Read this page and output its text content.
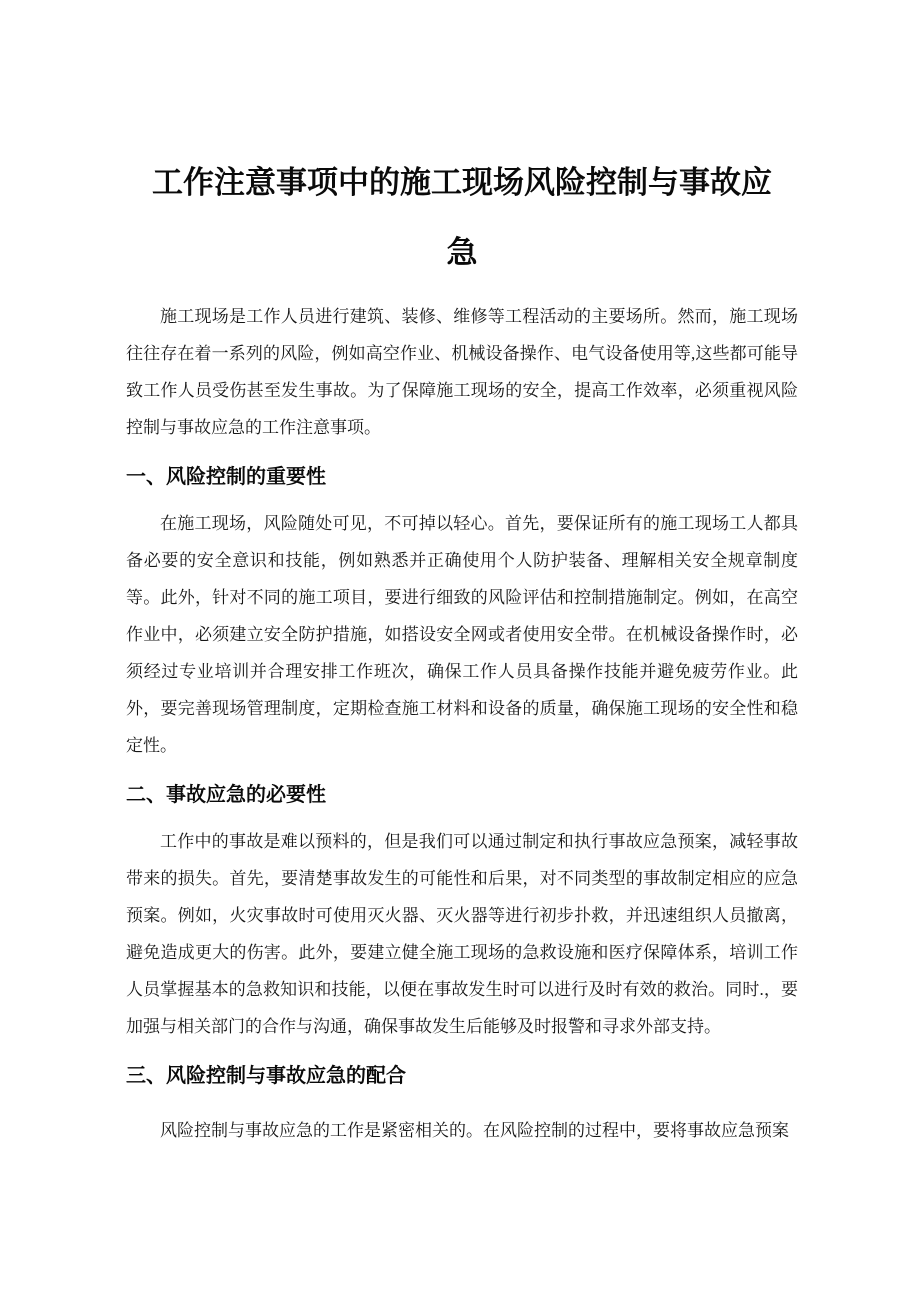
工作注意事项中的施工现场风险控制与事故应急

施工现场是工作人员进行建筑、装修、维修等工程活动的主要场所。然而，施工现场往往存在着一系列的风险，例如高空作业、机械设备操作、电气设备使用等,这些都可能导致工作人员受伤甚至发生事故。为了保障施工现场的安全，提高工作效率，必须重视风险控制与事故应急的工作注意事项。

一、风险控制的重要性

在施工现场，风险随处可见，不可掉以轻心。首先，要保证所有的施工现场工人都具备必要的安全意识和技能，例如熟悉并正确使用个人防护装备、理解相关安全规章制度等。此外，针对不同的施工项目，要进行细致的风险评估和控制措施制定。例如，在高空作业中，必须建立安全防护措施，如搭设安全网或者使用安全带。在机械设备操作时，必须经过专业培训并合理安排工作班次，确保工作人员具备操作技能并避免疲劳作业。此外，要完善现场管理制度，定期检查施工材料和设备的质量，确保施工现场的安全性和稳定性。

二、事故应急的必要性

工作中的事故是难以预料的，但是我们可以通过制定和执行事故应急预案，减轻事故带来的损失。首先，要清楚事故发生的可能性和后果，对不同类型的事故制定相应的应急预案。例如，火灾事故时可使用灭火器、灭火器等进行初步扑救，并迅速组织人员撤离，避免造成更大的伤害。此外，要建立健全施工现场的急救设施和医疗保障体系，培训工作人员掌握基本的急救知识和技能，以便在事故发生时可以进行及时有效的救治。同时.，要加强与相关部门的合作与沟通，确保事故发生后能够及时报警和寻求外部支持。

三、风险控制与事故应急的配合

风险控制与事故应急的工作是紧密相关的。在风险控制的过程中，要将事故应急预案
